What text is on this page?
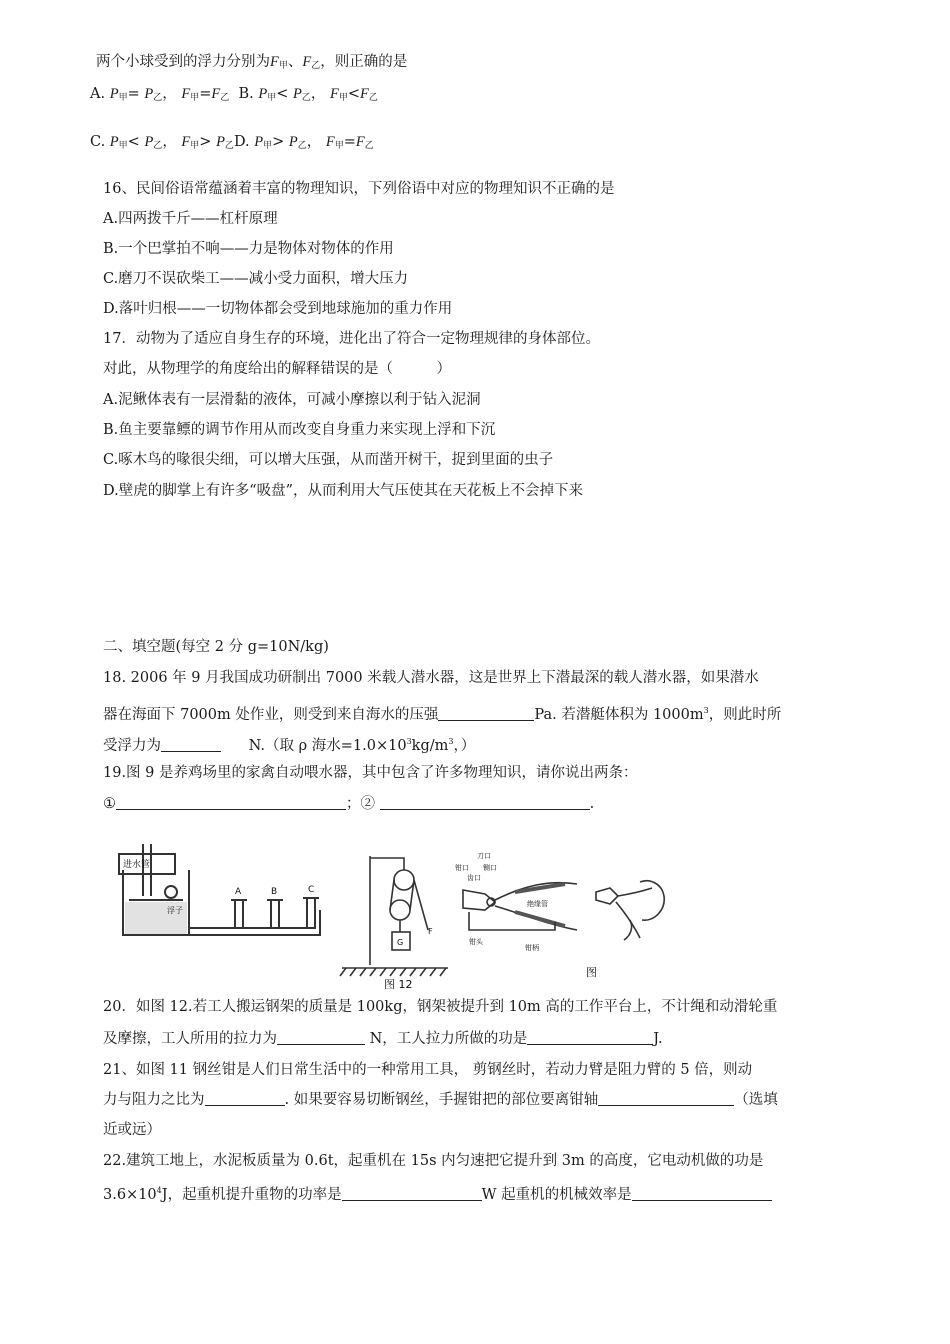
两个小球受到的浮力分别为$F_甲$、$F_乙$，则正确的是
A. $P_甲= P_乙$， $F_甲=F_乙$ B. $P_甲< P_乙$， $F_甲<F_乙$
C. $P_甲< P_乙$， $F_甲> P_乙D$. $P_甲> P_乙$， $F_甲=F_乙$
16、民间俗语常蕴涵着丰富的物理知识，下列俗语中对应的物理知识不正确的是
A.四两拨千斤——杠杆原理
B.一个巴掌拍不响——力是物体对物体的作用
C.磨刀不误砍柴工——减小受力面积，增大压力
D.落叶归根——一切物体都会受到地球施加的重力作用
17．动物为了适应自身生存的环境，进化出了符合一定物理规律的身体部位。
对此，从物理学的角度给出的解释错误的是（　　　）
A.泥鳅体表有一层滑黏的液体，可减小摩擦以利于钻入泥洞
B.鱼主要靠鳔的调节作用从而改变自身重力来实现上浮和下沉
C.啄木鸟的喙很尖细，可以增大压强，从而凿开树干，捉到里面的虫子
D.壁虎的脚掌上有许多“吸盘”，从而利用大气压使其在天花板上不会掉下来
二、填空题(每空 2 分 g=10N/kg)
18. 2006 年 9 月我国成功研制出 7000 米载人潜水器，这是世界上下潜最深的载人潜水器，如果潜水
器在海面下 7000m 处作业，则受到来自海水的压强	Pa. 若潜艇体积为 $1000m^3$，则此时所
受浮力为	N.（取 ρ 海水$=1.0\times 10^3kg/m^3$，）
19.图 9 是养鸡场里的家禽自动喂水器，其中包含了许多物理知识，请你说出两条：
①	；②	.
进水管
浮子
A	B	C
G
F
图 12
钳口
刀口
齿口
铡口
绝缘管
钳头
钳柄
图
20．如图 12.若工人搬运钢架的质量是 100kg，钢架被提升到 10m 高的工作平台上，不计绳和动滑轮重
及摩擦，工人所用的拉力为	N，工人拉力所做的功是	J.
21、如图 11 钢丝钳是人们日常生活中的一种常用工具， 剪钢丝时，若动力臂是阻力臂的 5 倍，则动
力与阻力之比为	. 如果要容易切断钢丝，手握钳把的部位要离钳轴	（选填
近或远）
22.建筑工地上，水泥板质量为 0.6t，起重机在 15s 内匀速把它提升到 3m 的高度，它电动机做的功是
$3.6\times 10^4J$，起重机提升重物的功率是	W 起重机的机械效率是
